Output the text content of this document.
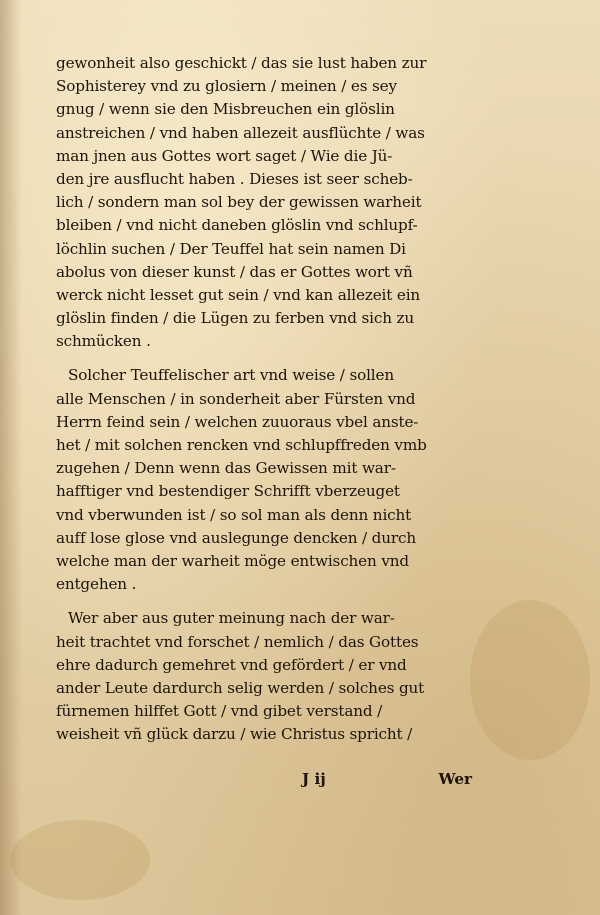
gewonheit also geschickt / das sie lust haben zur
Sophisterey vnd zu glosiern / meinen / es sey
gnug / wenn sie den Misbreuchen ein glöslin
anstreichen / vnd haben allezeit ausflüchte / was
man jnen aus Gottes wort saget / Wie die Jü-
den jre ausflucht haben . Dieses ist seer scheb-
lich / sondern man sol bey der gewissen warheit
bleiben / vnd nicht daneben glöslin vnd schlupf-
löchlin suchen / Der Teuffel hat sein namen Di
abolus von dieser kunst / das er Gottes wort vñ
werck nicht lesset gut sein / vnd kan allezeit ein
glöslin finden / die Lügen zu ferben vnd sich zu
schmücken .
Solcher Teuffelischer art vnd weise / sollen
alle Menschen / in sonderheit aber Fürsten vnd
Herrn feind sein / welchen zuuoraus vbel anste-
het / mit solchen rencken vnd schlupffreden vmb
zugehen / Denn wenn das Gewissen mit war-
hafftiger vnd bestendiger Schrifft vberzeuget
vnd vberwunden ist / so sol man als denn nicht
auff lose glose vnd auslegunge dencken / durch
welche man der warheit möge entwischen vnd
entgehen .
Wer aber aus guter meinung nach der war-
heit trachtet vnd forschet / nemlich / das Gottes
ehre dadurch gemehret vnd gefördert / er vnd
ander Leute dardurch selig werden / solches gut
fürnemen hilffet Gott / vnd gibet verstand /
weisheit vñ glück darzu / wie Christus spricht /
J ij	Wer
